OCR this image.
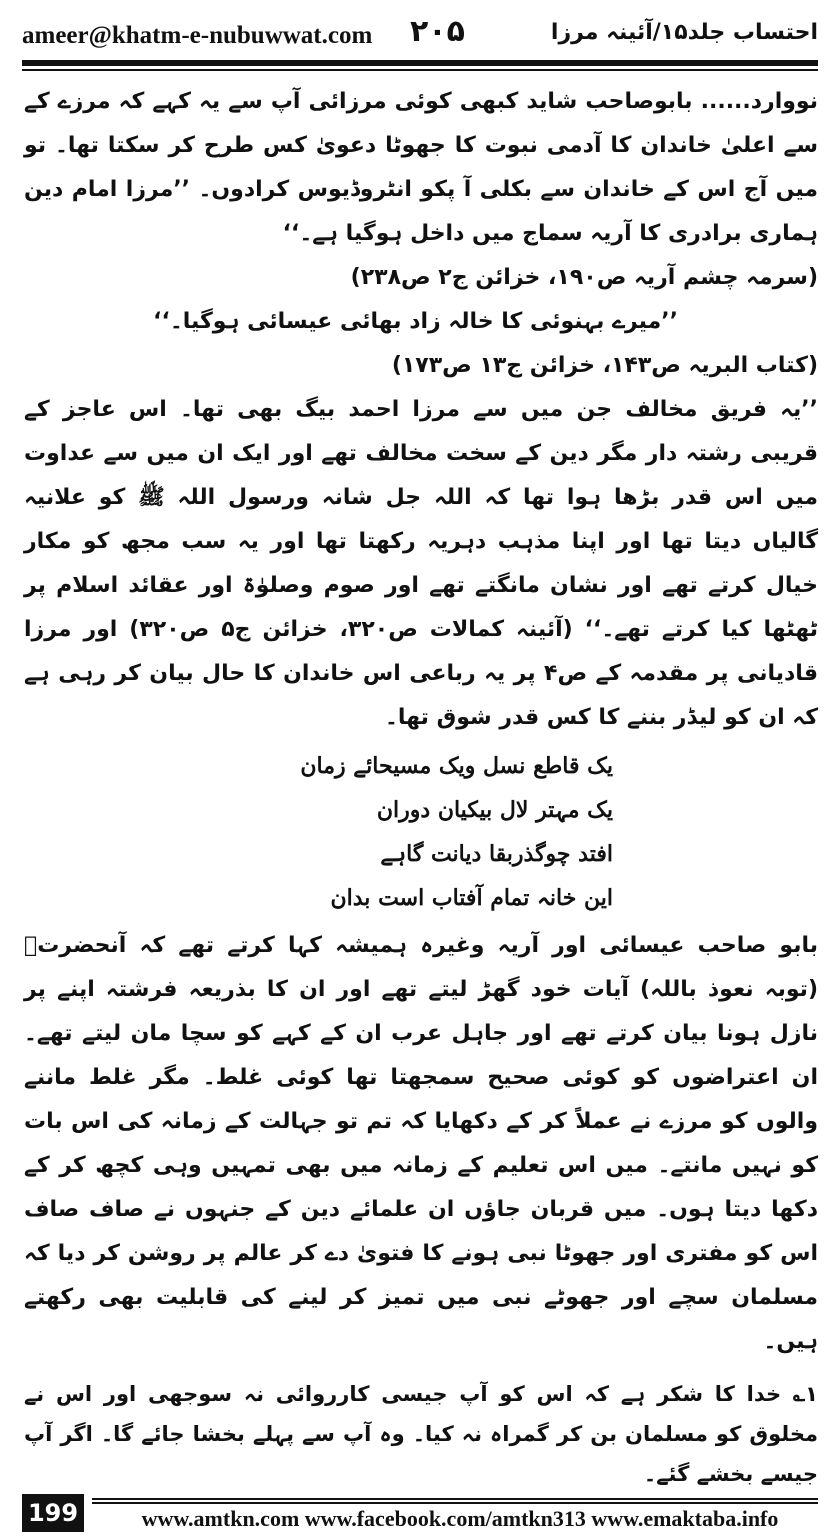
ameer@khatm-e-nubuwwat.com ۲۰۵	احتساب جلد۱۵/آئینہ مرزا

نووارد...... بابوصاحب شاید کبھی کوئی مرزائی آپ سے یہ کہے کہ مرزے کے سے اعلیٰ خاندان کا آدمی نبوت کا جھوٹا دعویٰ کس طرح کر سکتا تھا۔ تو میں آج اس کے خاندان سے بکلی آ پکو انٹروڈیوس کرادوں۔ ’’مرزا امام دین ہماری برادری کا آریہ سماج میں داخل ہوگیا ہے۔‘‘

(سرمہ چشم آریہ ص۱۹۰، خزائن ج۲ ص۲۳۸)

’’میرے بہنوئی کا خالہ زاد بھائی عیسائی ہوگیا۔‘‘

(کتاب البریہ ص۱۴۳، خزائن ج۱۳ ص۱۷۳)

’’یہ فریق مخالف جن میں سے مرزا احمد بیگ بھی تھا۔ اس عاجز کے قریبی رشتہ دار مگر دین کے سخت مخالف تھے اور ایک ان میں سے عداوت میں اس قدر بڑھا ہوا تھا کہ اللہ جل شانہ ورسول اللہ ﷺ کو علانیہ گالیاں دیتا تھا اور اپنا مذہب دہریہ رکھتا تھا اور یہ سب مجھ کو مکار خیال کرتے تھے اور نشان مانگتے تھے اور صوم وصلوٰۃ اور عقائد اسلام پر ٹھٹھا کیا کرتے تھے۔‘‘ (آئینہ کمالات ص۳۲۰، خزائن ج۵ ص۳۲۰) اور مرزا قادیانی پر مقدمہ کے ص۴ پر یہ رباعی اس خاندان کا حال بیان کر رہی ہے کہ ان کو لیڈر بننے کا کس قدر شوق تھا۔

یک قاطع نسل ویک مسیحائے زمان

یک مہتر لال بیکیان دوران

افتد چوگذربقا دیانت گاہے

این خانہ تمام آفتاب است بدان

بابو صاحب عیسائی اور آریہ وغیرہ ہمیشہ کہا کرتے تھے کہ آنحضرتؐ (توبہ نعوذ باللہ) آیات خود گھڑ لیتے تھے اور ان کا بذریعہ فرشتہ اپنے پر نازل ہونا بیان کرتے تھے اور جاہل عرب ان کے کہے کو سچا مان لیتے تھے۔ ان اعتراضوں کو کوئی صحیح سمجھتا تھا کوئی غلط۔ مگر غلط ماننے والوں کو مرزے نے عملاً کر کے دکھایا کہ تم تو جہالت کے زمانہ کی اس بات کو نہیں مانتے۔ میں اس تعلیم کے زمانہ میں بھی تمہیں وہی کچھ کر کے دکھا دیتا ہوں۔ میں قربان جاؤں ان علمائے دین کے جنہوں نے صاف صاف اس کو مفتری اور جھوٹا نبی ہونے کا فتویٰ دے کر عالم پر روشن کر دیا کہ مسلمان سچے اور جھوٹے نبی میں تمیز کر لینے کی قابلیت بھی رکھتے ہیں۔

۱؎ خدا کا شکر ہے کہ اس کو آپ جیسی کارروائی نہ سوجھی اور اس نے مخلوق کو مسلمان بن کر گمراہ نہ کیا۔ وہ آپ سے پہلے بخشا جائے گا۔ اگر آپ جیسے بخشے گئے۔

199	www.amtkn.com www.facebook.com/amtkn313 www.emaktaba.info
